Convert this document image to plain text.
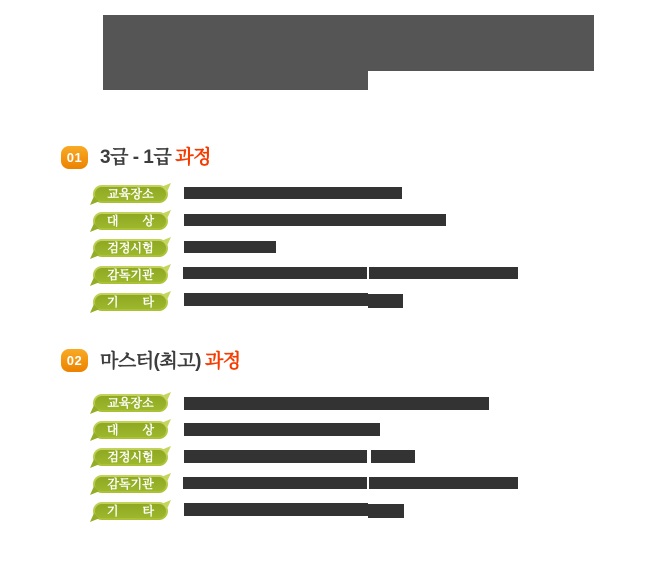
01 3급 - 1급 과정
교육장소
대　　상
검정시험
감독기관
기　　타
02 마스터(최고) 과정
교육장소
대　　상
검정시험
감독기관
기　　타
